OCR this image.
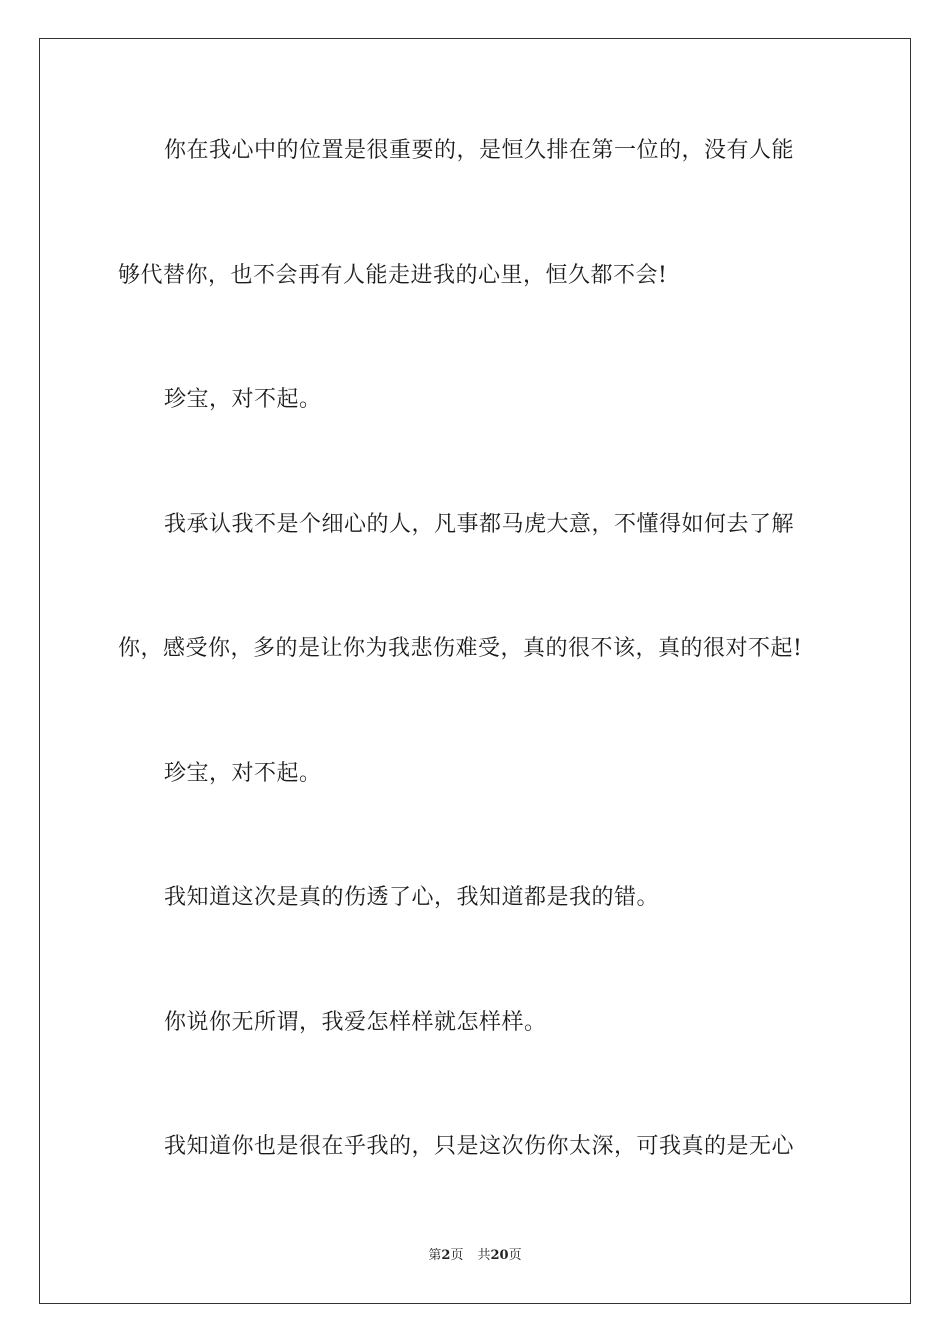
你在我心中的位置是很重要的，是恒久排在第一位的，没有人能
够代替你，也不会再有人能走进我的心里，恒久都不会!
珍宝，对不起。
我承认我不是个细心的人，凡事都马虎大意，不懂得如何去了解
你，感受你，多的是让你为我悲伤难受，真的很不该，真的很对不起!
珍宝，对不起。
我知道这次是真的伤透了心，我知道都是我的错。
你说你无所谓，我爱怎样样就怎样样。
我知道你也是很在乎我的，只是这次伤你太深，可我真的是无心
第2页 共20页
